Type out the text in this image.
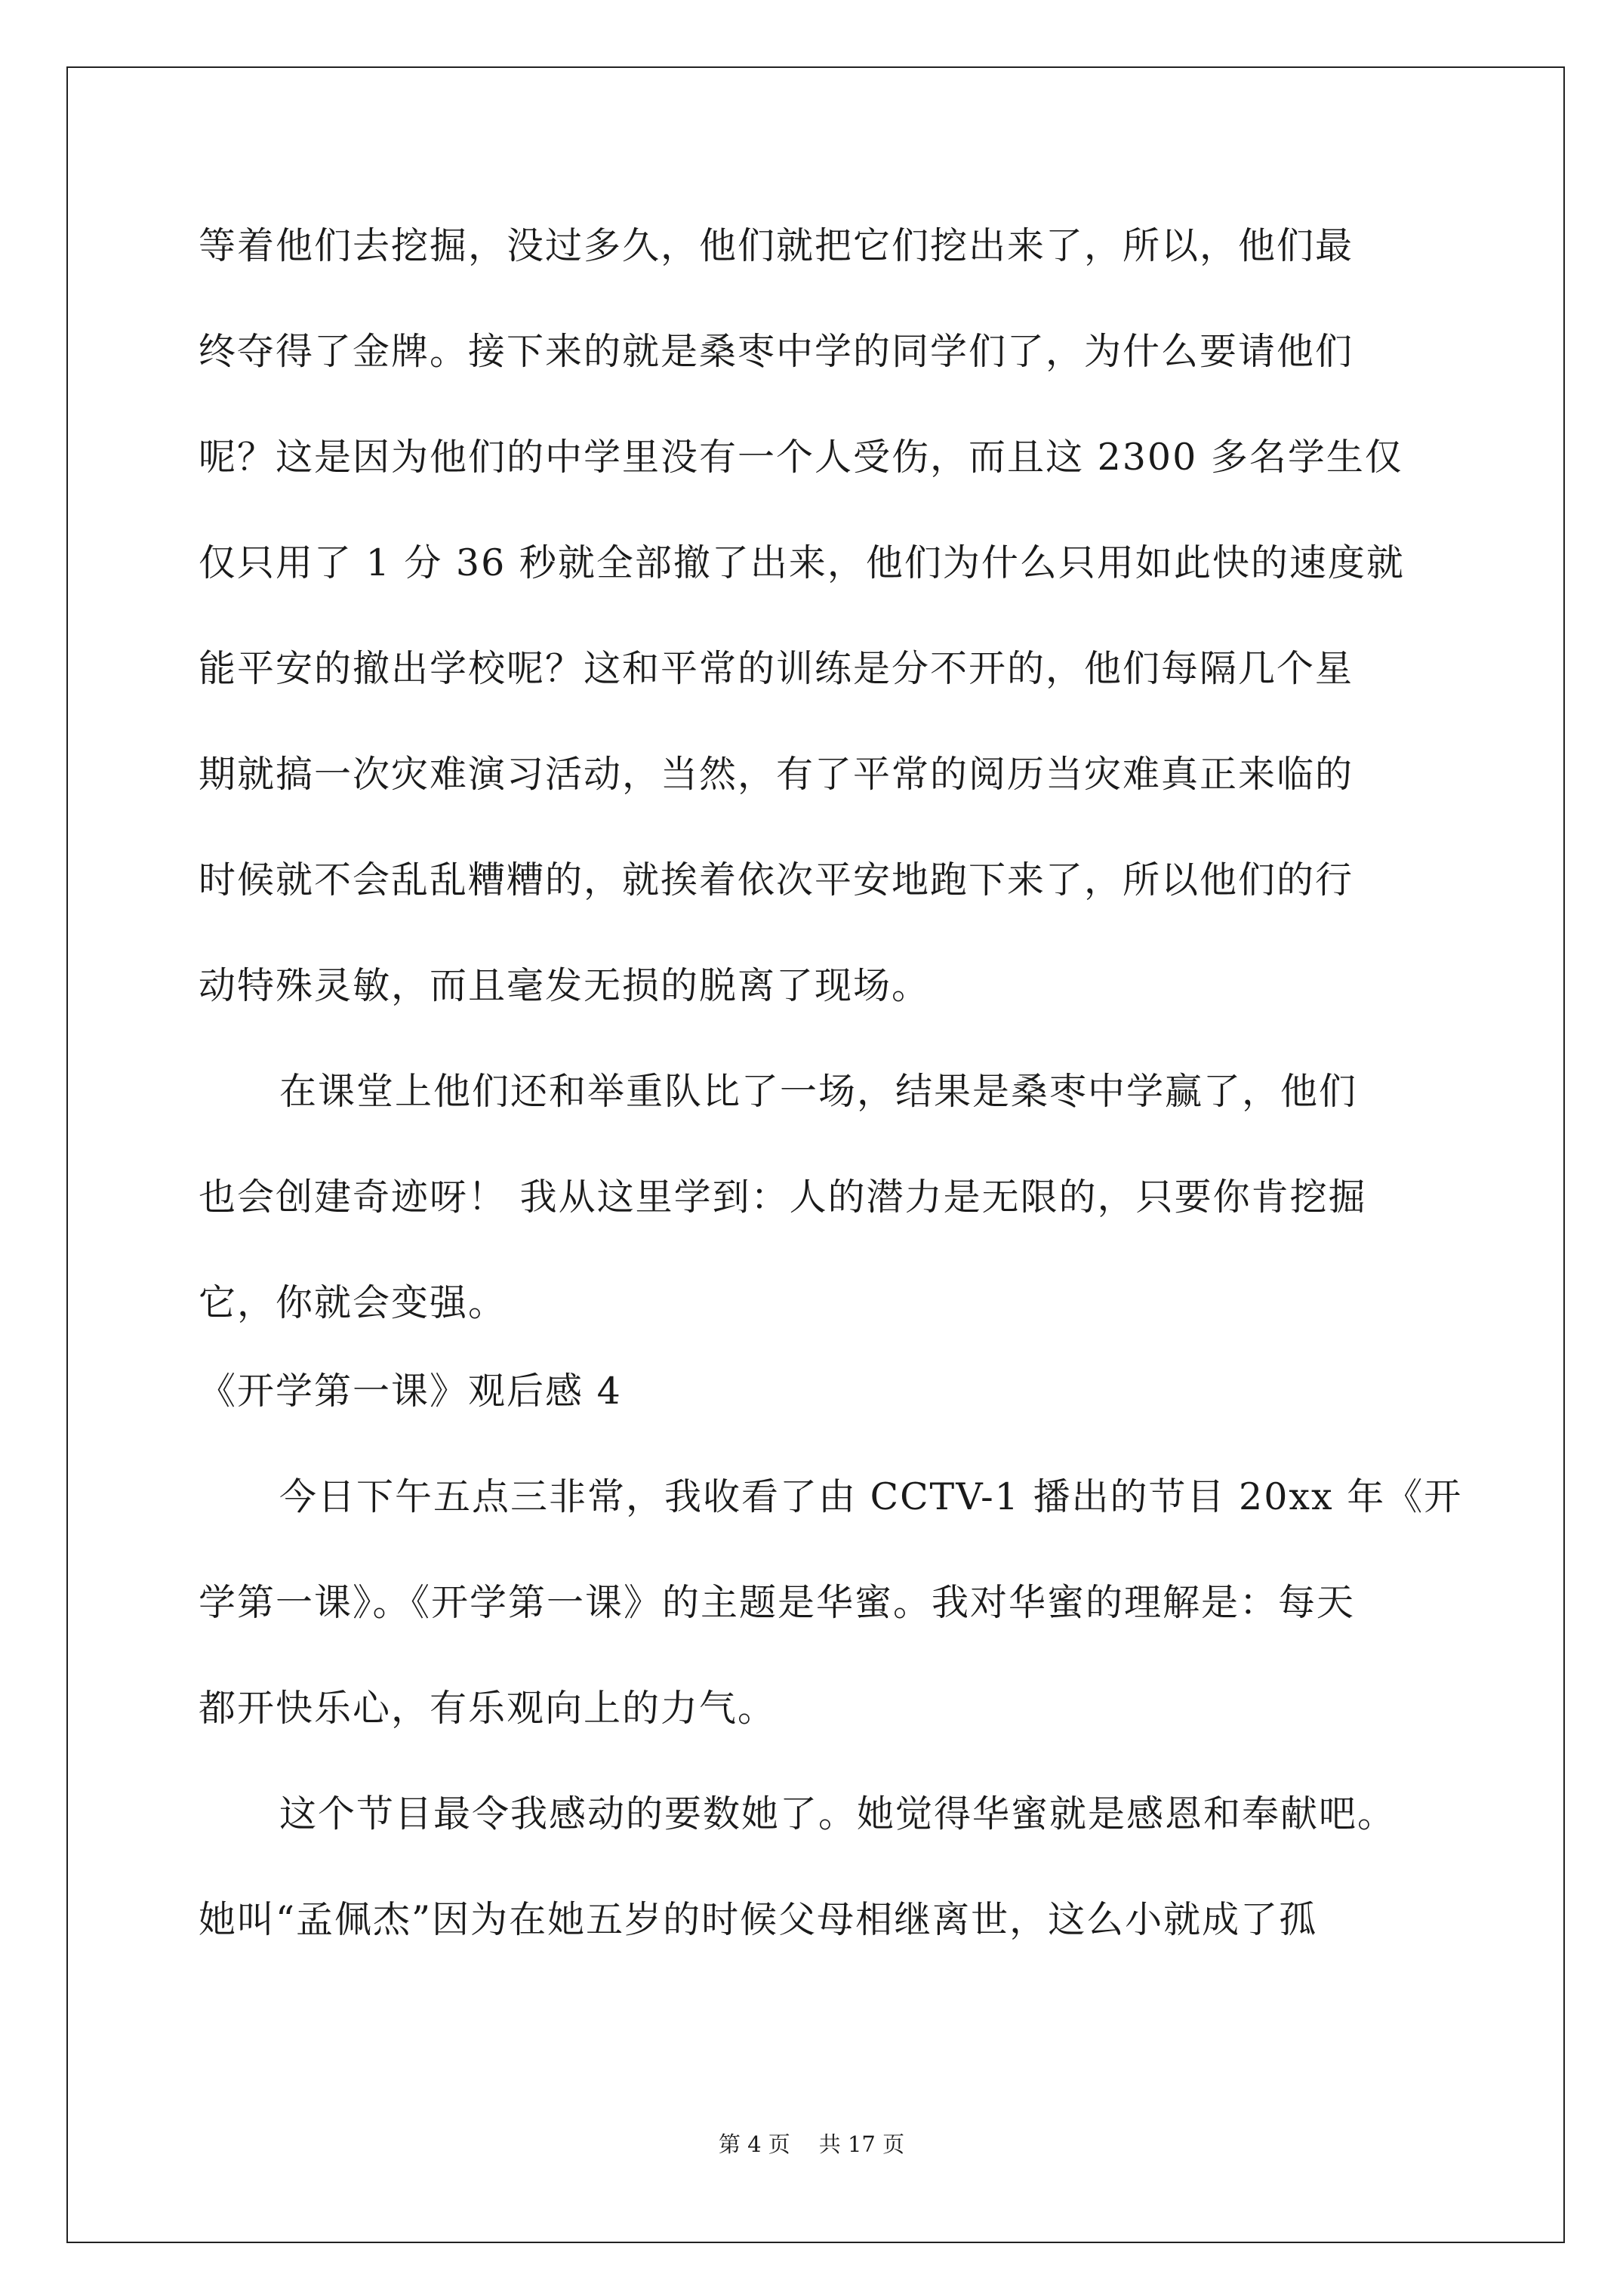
等着他们去挖掘，没过多久，他们就把它们挖出来了，所以，他们最
终夺得了金牌。接下来的就是桑枣中学的同学们了，为什么要请他们
呢？这是因为他们的中学里没有一个人受伤，而且这 2300 多名学生仅
仅只用了 1 分 36 秒就全部撤了出来，他们为什么只用如此快的速度就
能平安的撤出学校呢？这和平常的训练是分不开的，他们每隔几个星
期就搞一次灾难演习活动，当然，有了平常的阅历当灾难真正来临的
时候就不会乱乱糟糟的，就挨着依次平安地跑下来了，所以他们的行
动特殊灵敏，而且毫发无损的脱离了现场。
在课堂上他们还和举重队比了一场，结果是桑枣中学赢了，他们
也会创建奇迹呀！ 我从这里学到：人的潜力是无限的，只要你肯挖掘
它，你就会变强。
《开学第一课》观后感 4
今日下午五点三非常，我收看了由 CCTV-1 播出的节目 20xx 年《开
学第一课》。《开学第一课》的主题是华蜜。我对华蜜的理解是：每天
都开快乐心，有乐观向上的力气。
这个节目最令我感动的要数她了。她觉得华蜜就是感恩和奉献吧。
她叫“孟佩杰”因为在她五岁的时候父母相继离世，这么小就成了孤
第 4 页 共 17 页
